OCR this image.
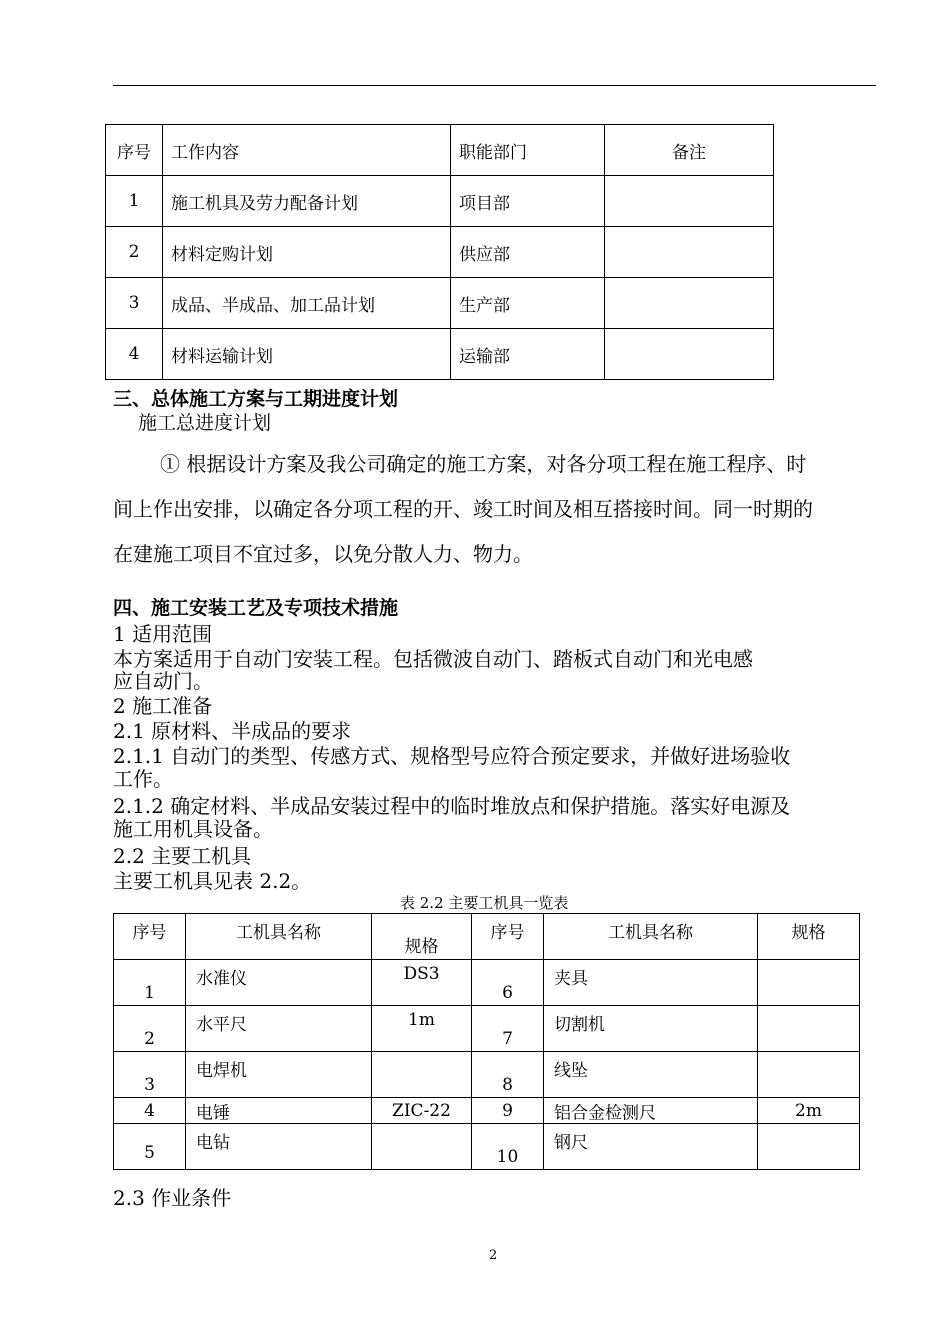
序号	工作内容	职能部门	备注
1	施工机具及劳力配备计划	项目部	
2	材料定购计划	供应部	
3	成品、半成品、加工品计划	生产部	
4	材料运输计划	运输部	
三、总体施工方案与工期进度计划
施工总进度计划
① 根据设计方案及我公司确定的施工方案，对各分项工程在施工程序、时
间上作出安排，以确定各分项工程的开、竣工时间及相互搭接时间。同一时期的
在建施工项目不宜过多，以免分散人力、物力。
四、施工安装工艺及专项技术措施
1 适用范围
本方案适用于自动门安装工程。包括微波自动门、踏板式自动门和光电感
应自动门。
2 施工准备
2.1 原材料、半成品的要求
2.1.1 自动门的类型、传感方式、规格型号应符合预定要求，并做好进场验收
工作。
2.1.2 确定材料、半成品安装过程中的临时堆放点和保护措施。落实好电源及
施工用机具设备。
2.2 主要工机具
主要工机具见表 2.2。
表 2.2 主要工机具一览表
序号	工机具名称	规格	序号	工机具名称	规格

1	水准仪	DS3	6	夹具	

2	水平尺	1m	7	切割机	

3	电焊机		8	线坠	

4	电锤	ZIC-22	9	铝合金检测尺	2m

5	电钻		10	钢尺	

2.3 作业条件
2
